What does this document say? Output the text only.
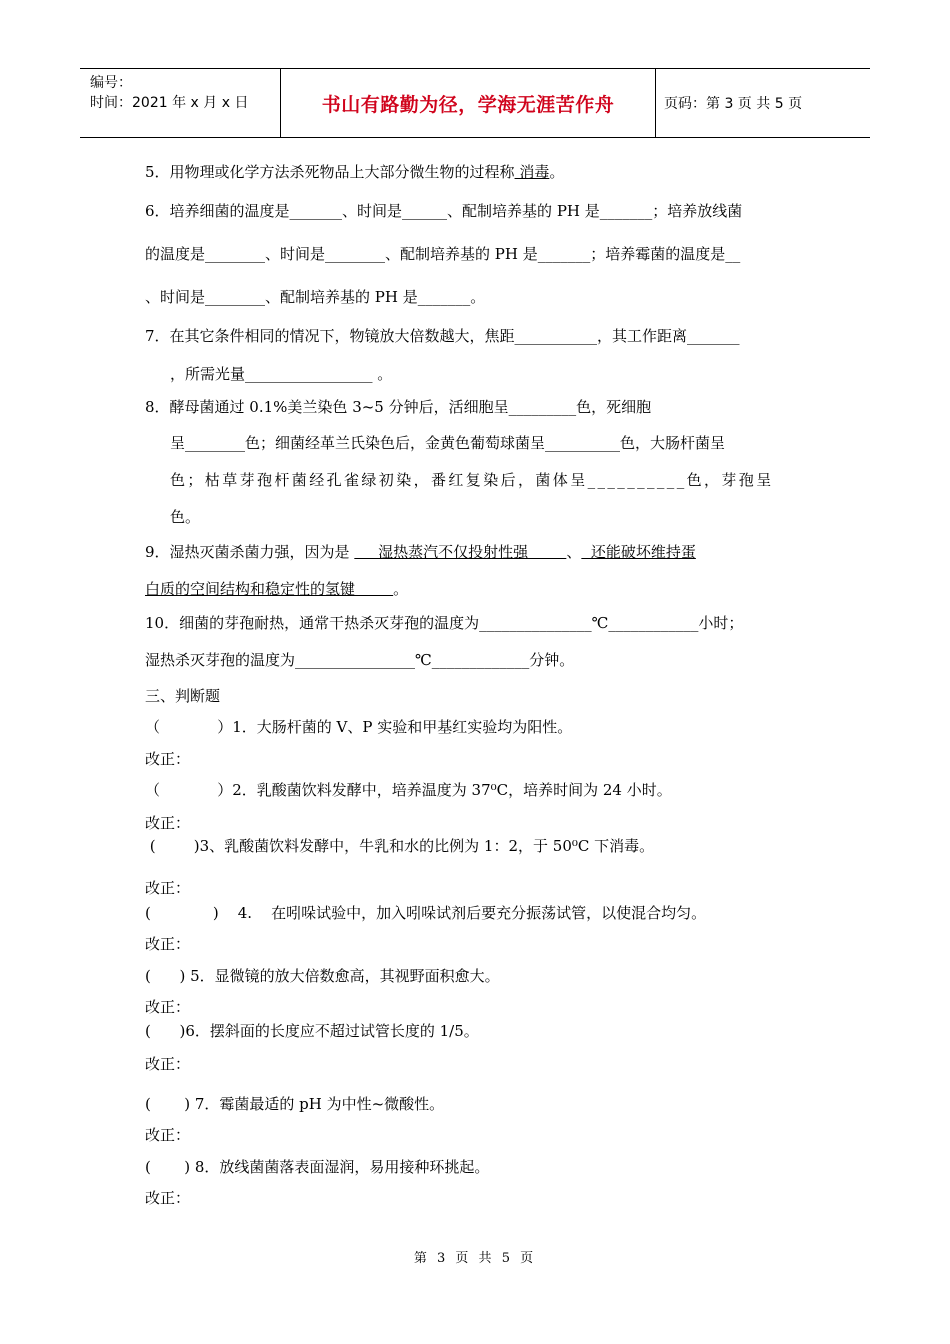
编号：
时间：2021 年 x 月 x 日	书山有路勤为径，学海无涯苦作舟	页码：第 3 页 共 5 页
5．用物理或化学方法杀死物品上大部分微生物的过程称 消毒。
6．培养细菌的温度是_______、时间是______、配制培养基的 PH 是_______；培养放线菌
的温度是________、时间是________、配制培养基的 PH 是_______；培养霉菌的温度是__
、时间是________、配制培养基的 PH 是_______。
7．在其它条件相同的情况下，物镜放大倍数越大，焦距___________，其工作距离_______
，所需光量_________________ 。
8．酵母菌通过 0.1%美兰染色 3~5 分钟后，活细胞呈_________色，死细胞
呈________色；细菌经革兰氏染色后，金黄色葡萄球菌呈__________色，大肠杆菌呈
色；枯草芽孢杆菌经孔雀绿初染，番红复染后，菌体呈__________色，芽孢呈
色。
9．湿热灭菌杀菌力强，因为是      湿热蒸汽不仅投射性强        、  还能破坏维持蛋
白质的空间结构和稳定性的氢键        。
10．细菌的芽孢耐热，通常干热杀灭芽孢的温度为_______________℃____________小时；
湿热杀灭芽孢的温度为________________℃_____________分钟。
三、判断题
（            ）1．大肠杆菌的 V、P 实验和甲基红实验均为阳性。
改正：
（            ）2．乳酸菌饮料发酵中，培养温度为 37⁰C，培养时间为 24 小时。
改正：
(        )3、乳酸菌饮料发酵中，牛乳和水的比例为 1：2，于 50⁰C 下消毒。
改正：
(             )    4.    在吲哚试验中，加入吲哚试剂后要充分振荡试管，以使混合均匀。
改正：
(      ) 5．显微镜的放大倍数愈高，其视野面积愈大。
改正：
(      )6．摆斜面的长度应不超过试管长度的 1/5。
改正：
(       ) 7．霉菌最适的 pH 为中性~微酸性。
改正：
(       ) 8．放线菌菌落表面湿润，易用接种环挑起。
改正：
第 3 页 共 5 页
